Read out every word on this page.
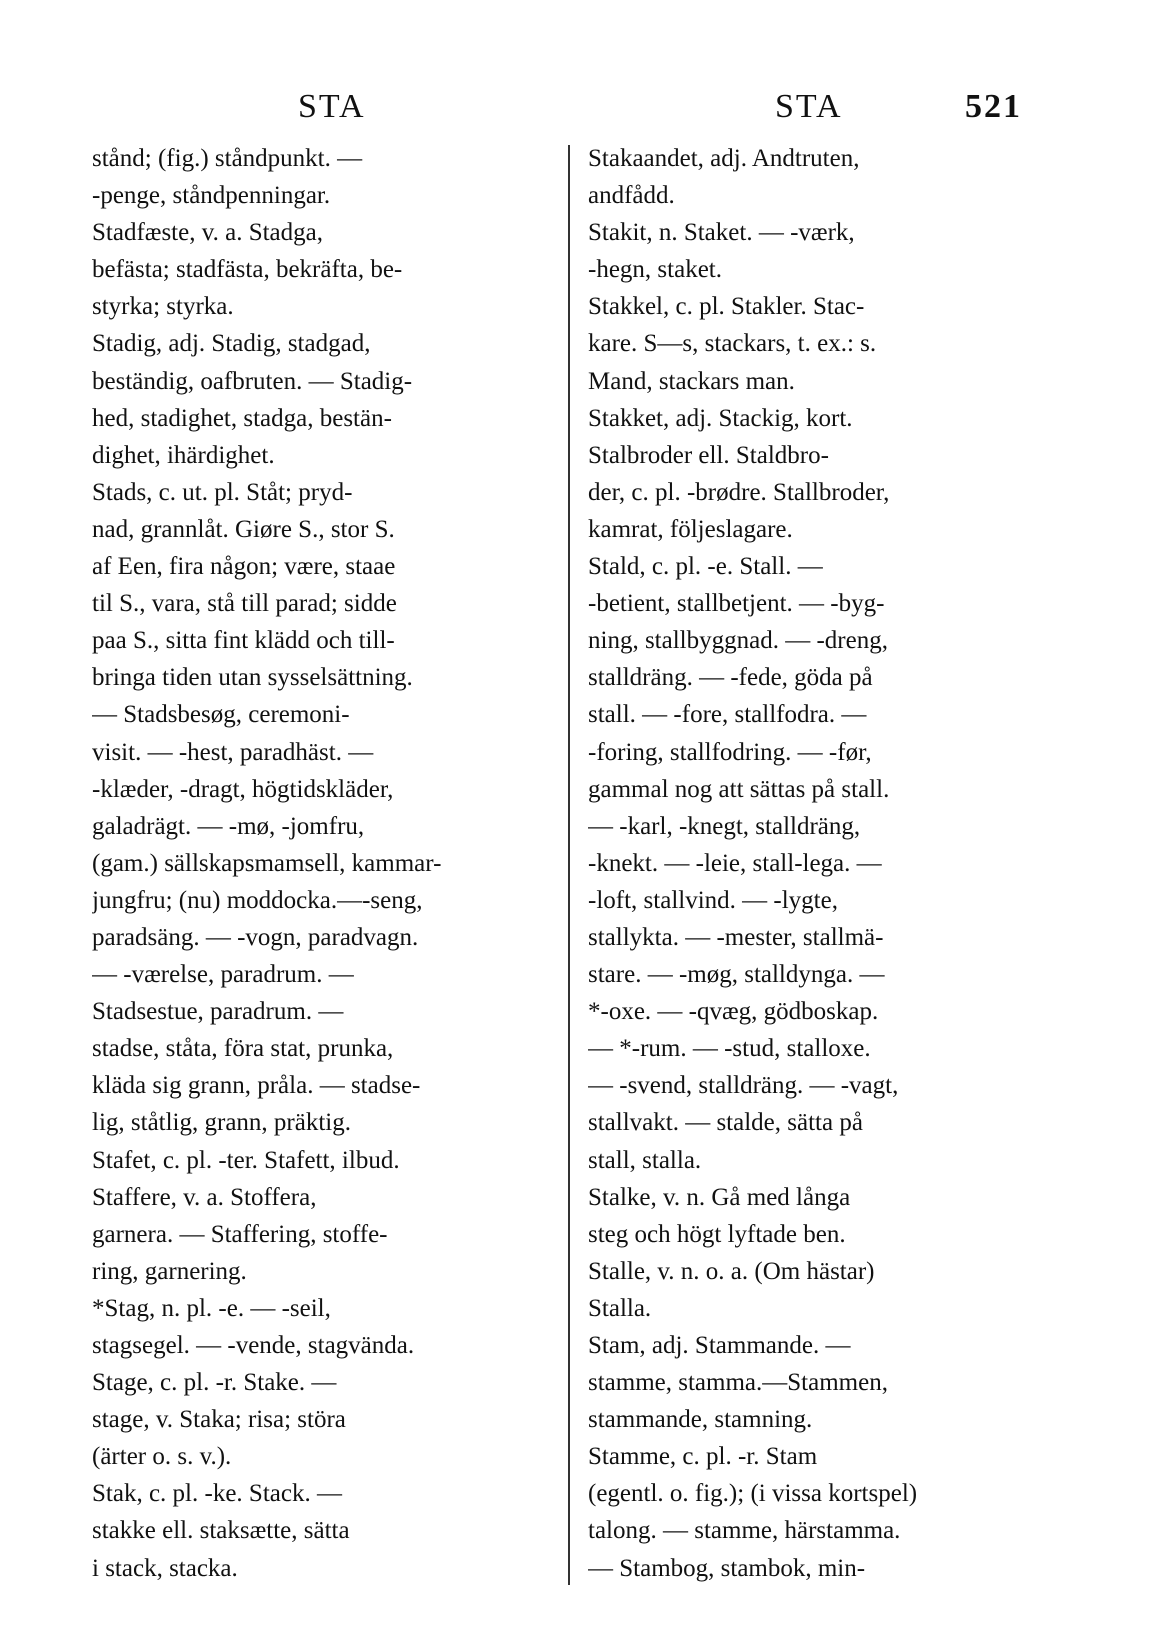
STA	STA	521
stånd; (fig.) ståndpunkt. —
-penge, ståndpenningar.
Stadfæste, v. a. Stadga,
befästa; stadfästa, bekräfta, be-
styrka; styrka.
Stadig, adj. Stadig, stadgad,
beständig, oafbruten. — Stadig-
hed, stadighet, stadga, bestän-
dighet, ihärdighet.
Stads, c. ut. pl. Ståt; pryd-
nad, grannlåt. Giøre S., stor S.
af Een, fira någon; være, staae
til S., vara, stå till parad; sidde
paa S., sitta fint klädd och till-
bringa tiden utan sysselsättning.
— Stadsbesøg, ceremoni-
visit. — -hest, paradhäst. —
-klæder, -dragt, högtidskläder,
galadrägt. — -mø, -jomfru,
(gam.) sällskapsmamsell, kammar-
jungfru; (nu) moddocka.—-seng,
paradsäng. — -vogn, paradvagn.
— -værelse, paradrum. —
Stadsestue, paradrum. —
stadse, ståta, föra stat, prunka,
kläda sig grann, pråla. — stadse-
lig, ståtlig, grann, präktig.
Stafet, c. pl. -ter. Stafett, ilbud.
Staffere, v. a. Stoffera,
garnera. — Staffering, stoffe-
ring, garnering.
*Stag, n. pl. -e. — -seil,
stagsegel. — -vende, stagvända.
Stage, c. pl. -r. Stake. —
stage, v. Staka; risa; störa
(ärter o. s. v.).
Stak, c. pl. -ke. Stack. —
stakke ell. staksætte, sätta
i stack, stacka.
Stakaandet, adj. Andtruten,
andfådd.
Stakit, n. Staket. — -værk,
-hegn, staket.
Stakkel, c. pl. Stakler. Stac-
kare. S—s, stackars, t. ex.: s.
Mand, stackars man.
Stakket, adj. Stackig, kort.
Stalbroder ell. Staldbro-
der, c. pl. -brødre. Stallbroder,
kamrat, följeslagare.
Stald, c. pl. -e. Stall. —
-betient, stallbetjent. — -byg-
ning, stallbyggnad. — -dreng,
stalldräng. — -fede, göda på
stall. — -fore, stallfodra. —
-foring, stallfodring. — -før,
gammal nog att sättas på stall.
— -karl, -knegt, stalldräng,
-knekt. — -leie, stall-lega. —
-loft, stallvind. — -lygte,
stallykta. — -mester, stallmä-
stare. — -møg, stalldynga. —
*-oxe. — -qvæg, gödboskap.
— *-rum. — -stud, stalloxe.
— -svend, stalldräng. — -vagt,
stallvakt. — stalde, sätta på
stall, stalla.
Stalke, v. n. Gå med långa
steg och högt lyftade ben.
Stalle, v. n. o. a. (Om hästar)
Stalla.
Stam, adj. Stammande. —
stamme, stamma.—Stammen,
stammande, stamning.
Stamme, c. pl. -r. Stam
(egentl. o. fig.); (i vissa kortspel)
talong. — stamme, härstamma.
— Stambog, stambok, min-
